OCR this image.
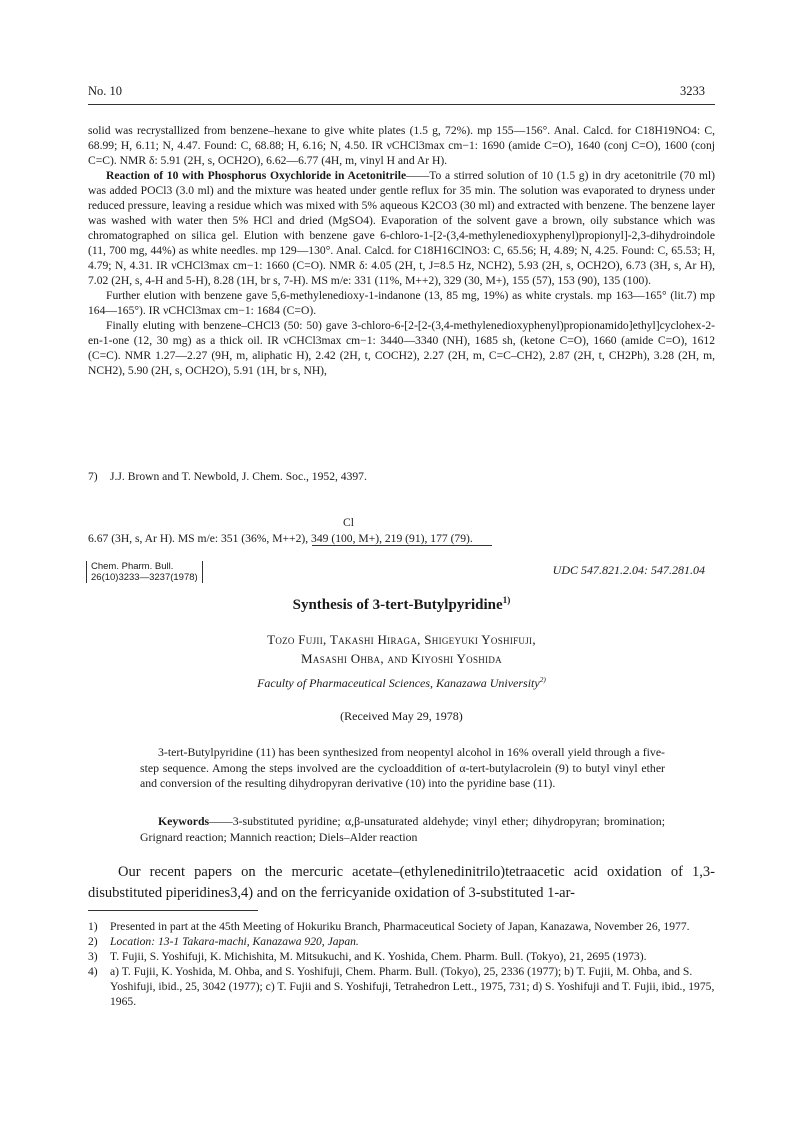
No. 10	3233

solid was recrystallized from benzene–hexane to give white plates (1.5 g, 72%). mp 155—156°. Anal. Calcd. for C18H19NO4: C, 68.99; H, 6.11; N, 4.47. Found: C, 68.88; H, 6.16; N, 4.50. IR νCHCl3max cm−1: 1690 (amide C=O), 1640 (conj C=O), 1600 (conj C=C). NMR δ: 5.91 (2H, s, OCH2O), 6.62—6.77 (4H, m, vinyl H and Ar H).

Reaction of 10 with Phosphorus Oxychloride in Acetonitrile——To a stirred solution of 10 (1.5 g) in dry acetonitrile (70 ml) was added POCl3 (3.0 ml) and the mixture was heated under gentle reflux for 35 min. The solution was evaporated to dryness under reduced pressure, leaving a residue which was mixed with 5% aqueous K2CO3 (30 ml) and extracted with benzene. The benzene layer was washed with water then 5% HCl and dried (MgSO4). Evaporation of the solvent gave a brown, oily substance which was chromatographed on silica gel. Elution with benzene gave 6-chloro-1-[2-(3,4-methylenedioxyphenyl)propionyl]-2,3-dihydroindole (11, 700 mg, 44%) as white needles. mp 129—130°. Anal. Calcd. for C18H16ClNO3: C, 65.56; H, 4.89; N, 4.25. Found: C, 65.53; H, 4.79; N, 4.31. IR νCHCl3max cm−1: 1660 (C=O). NMR δ: 4.05 (2H, t, J=8.5 Hz, NCH2), 5.93 (2H, s, OCH2O), 6.73 (3H, s, Ar H), 7.02 (2H, s, 4-H and 5-H), 8.28 (1H, br s, 7-H). MS m/e: 331 (11%, M++2), 329 (30, M+), 155 (57), 153 (90), 135 (100).

Further elution with benzene gave 5,6-methylenedioxy-1-indanone (13, 85 mg, 19%) as white crystals. mp 163—165° (lit.7) mp 164—165°). IR νCHCl3max cm−1: 1684 (C=O).

Finally eluting with benzene–CHCl3 (50: 50) gave 3-chloro-6-[2-[2-(3,4-methylenedioxyphenyl)propionamido]ethyl]cyclohex-2-en-1-one (12, 30 mg) as a thick oil. IR νCHCl3max cm−1: 3440—3340 (NH), 1685 sh, (ketone C=O), 1660 (amide C=O), 1612 (C=C). NMR 1.27—2.27 (9H, m, aliphatic H), 2.42 (2H, t, COCH2), 2.27 (2H, m, C=C–CH2), 2.87 (2H, t, CH2Ph), 3.28 (2H, m, NCH2), 5.90 (2H, s, OCH2O), 5.91 (1H, br s, NH),

Cl
6.67 (3H, s, Ar H). MS m/e: 351 (36%, M++2), 349 (100, M+), 219 (91), 177 (79).
7) J.J. Brown and T. Newbold, J. Chem. Soc., 1952, 4397.
Chem. Pharm. Bull.
26(10)3233—3237(1978)
UDC 547.821.2.04: 547.281.04
Synthesis of 3-tert-Butylpyridine$^{1)}$
Tozo Fujii, Takashi Hiraga, Shigeyuki Yoshifuji,
Masashi Ohba, and Kiyoshi Yoshida
Faculty of Pharmaceutical Sciences, Kanazawa University$^{2)}$
(Received May 29, 1978)

3-tert-Butylpyridine (11) has been synthesized from neopentyl alcohol in 16% overall yield through a five-step sequence. Among the steps involved are the cycloaddition of α-tert-butylacrolein (9) to butyl vinyl ether and conversion of the resulting dihydropyran derivative (10) into the pyridine base (11).

Keywords——3-substituted pyridine; α,β-unsaturated aldehyde; vinyl ether; dihydropyran; bromination; Grignard reaction; Mannich reaction; Diels–Alder reaction

Our recent papers on the mercuric acetate–(ethylenedinitrilo)tetraacetic acid oxidation of 1,3-disubstituted piperidines3,4) and on the ferricyanide oxidation of 3-substituted 1-ar-

1) Presented in part at the 45th Meeting of Hokuriku Branch, Pharmaceutical Society of Japan, Kanazawa, November 26, 1977.
2) Location: 13-1 Takara-machi, Kanazawa 920, Japan.
3) T. Fujii, S. Yoshifuji, K. Michishita, M. Mitsukuchi, and K. Yoshida, Chem. Pharm. Bull. (Tokyo), 21, 2695 (1973).
4) a) T. Fujii, K. Yoshida, M. Ohba, and S. Yoshifuji, Chem. Pharm. Bull. (Tokyo), 25, 2336 (1977); b) T. Fujii, M. Ohba, and S. Yoshifuji, ibid., 25, 3042 (1977); c) T. Fujii and S. Yoshifuji, Tetrahedron Lett., 1975, 731; d) S. Yoshifuji and T. Fujii, ibid., 1975, 1965.
